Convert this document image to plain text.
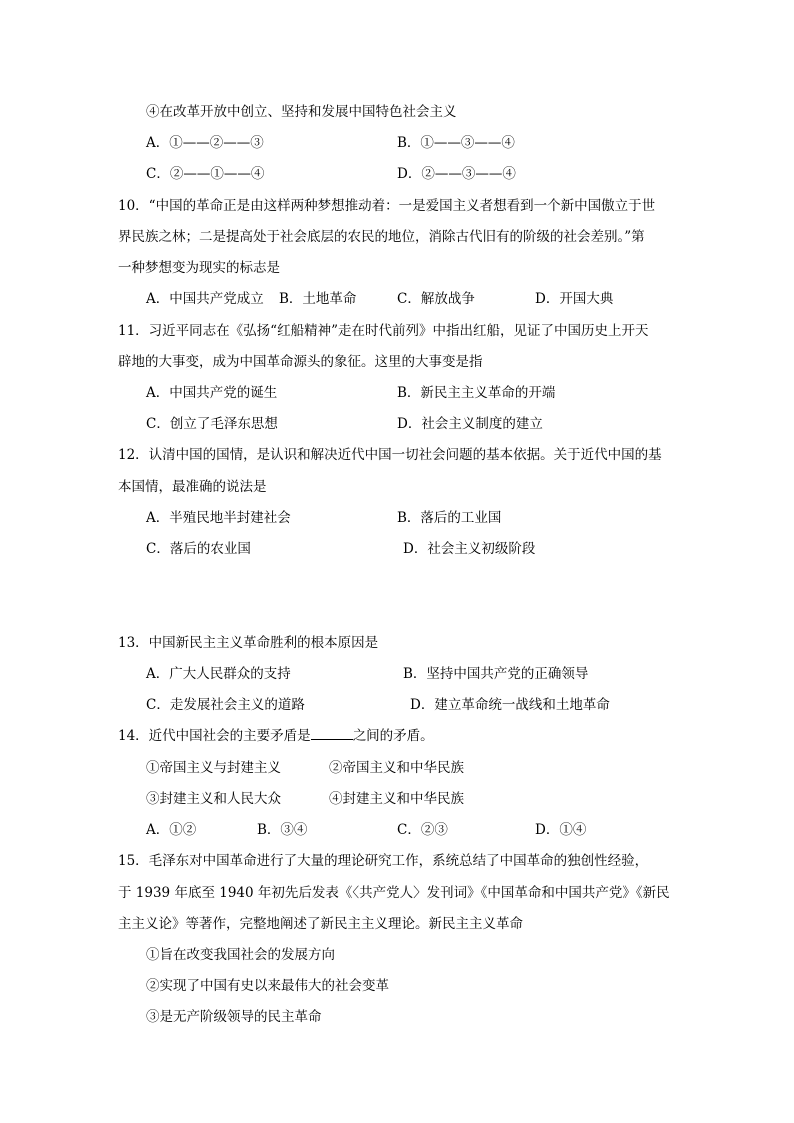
④在改革开放中创立、坚持和发展中国特色社会主义
A．①——②——③	B．①——③——④
C．②——①——④	D．②——③——④
10．“中国的革命正是由这样两种梦想推动着：一是爱国主义者想看到一个新中国傲立于世
界民族之林；二是提高处于社会底层的农民的地位，消除古代旧有的阶级的社会差别。”第
一种梦想变为现实的标志是
A．中国共产党成立 B．土地革命	C．解放战争	D．开国大典
11．习近平同志在《弘扬“红船精神”走在时代前列》中指出红船，见证了中国历史上开天
辟地的大事变，成为中国革命源头的象征。这里的大事变是指
A．中国共产党的诞生	B．新民主主义革命的开端
C．创立了毛泽东思想	D．社会主义制度的建立
12．认清中国的国情，是认识和解决近代中国一切社会问题的基本依据。关于近代中国的基
本国情，最准确的说法是
A．半殖民地半封建社会	B．落后的工业国
C．落后的农业国	D．社会主义初级阶段
13．中国新民主主义革命胜利的根本原因是
A．广大人民群众的支持	B．坚持中国共产党的正确领导
C．走发展社会主义的道路	D．建立革命统一战线和土地革命
14．近代中国社会的主要矛盾是	之间的矛盾。
①帝国主义与封建主义	②帝国主义和中华民族
③封建主义和人民大众	④封建主义和中华民族
A．①②	B．③④	C．②③	D．①④
15．毛泽东对中国革命进行了大量的理论研究工作，系统总结了中国革命的独创性经验，
于 1939 年底至 1940 年初先后发表《〈共产党人〉发刊词》《中国革命和中国共产党》《新民
主主义论》等著作，完整地阐述了新民主主义理论。新民主主义革命
①旨在改变我国社会的发展方向
②实现了中国有史以来最伟大的社会变革
③是无产阶级领导的民主革命
